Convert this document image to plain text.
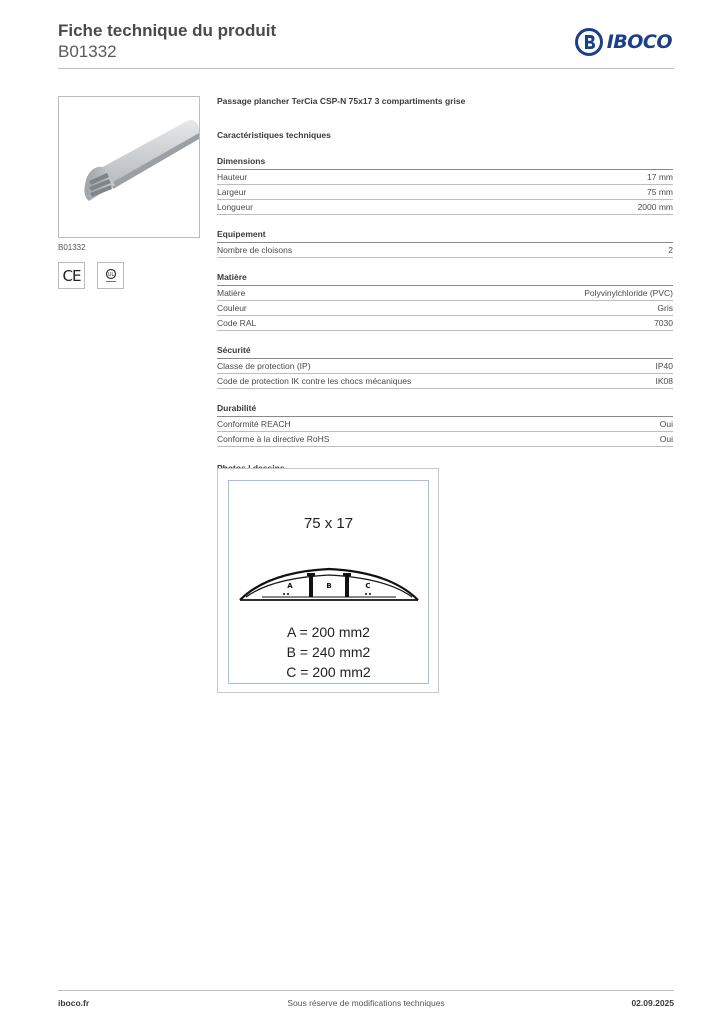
Fiche technique du produit
B01332	IBOCO
B01332
CE	UL
Passage plancher TerCia CSP-N 75x17 3 compartiments grise
Caractéristiques techniques
Dimensions
Hauteur	17 mm
Largeur	75 mm
Longueur	2000 mm
Equipement
Nombre de cloisons	2
Matière
Matière	Polyvinylchloride (PVC)
Couleur	Gris
Code RAL	7030
Sécurité
Classe de protection (IP)	IP40
Code de protection IK contre les chocs mécaniques	IK08
Durabilité
Conformité REACH	Oui
Conforme à la directive RoHS	Oui
75 x 17
A	B	C
A = 200 mm2
B = 240 mm2
C = 200 mm2
Sous réserve de modifications techniques
iboco.fr	02.09.2025
